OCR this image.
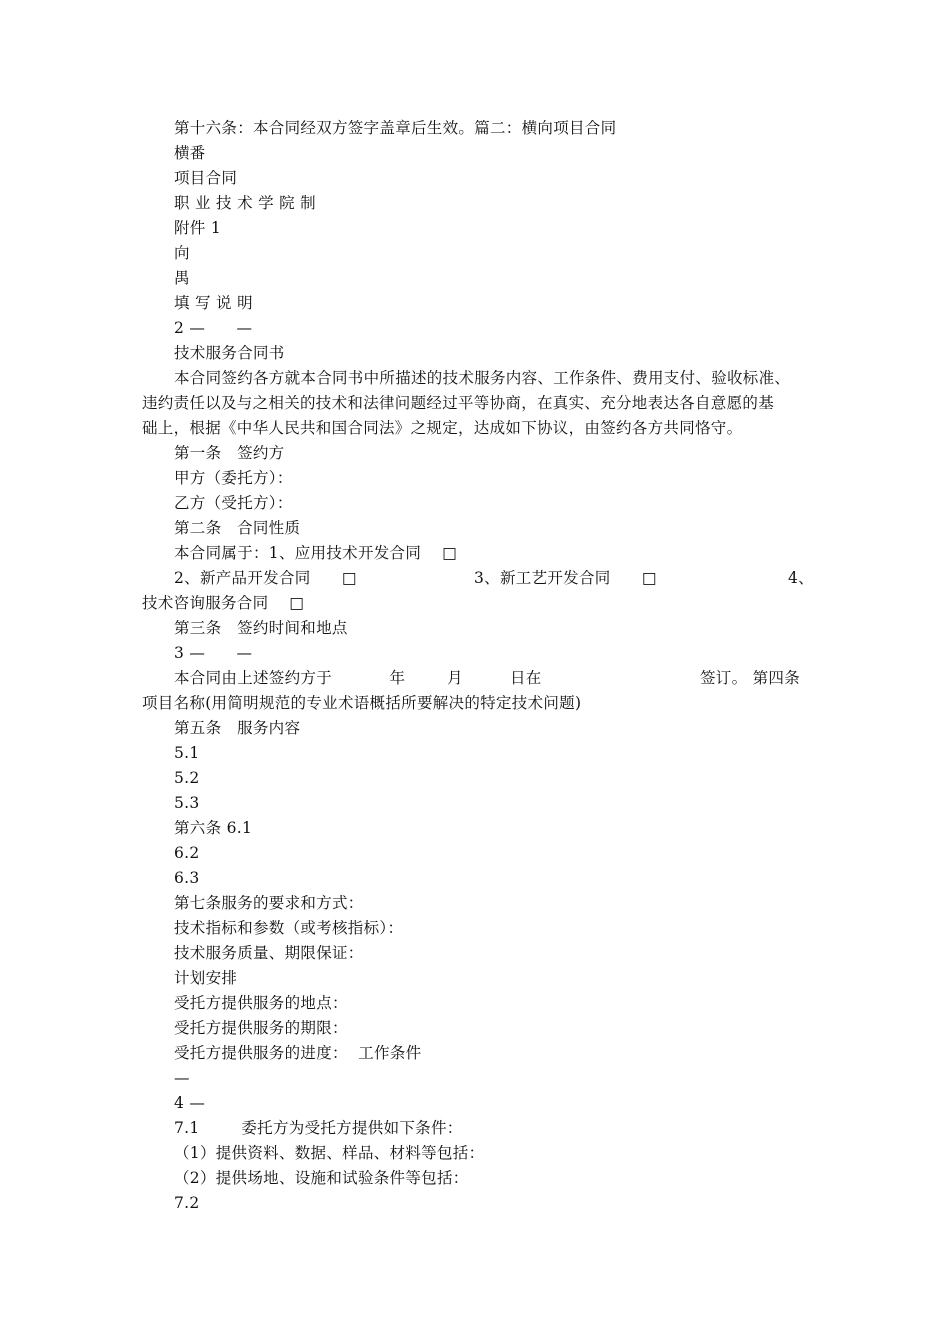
第十六条：本合同经双方签字盖章后生效。篇二：横向项目合同
横番
项目合同
职 业 技 术 学 院 制
附件 1
向
禺
填 写 说 明
2 —      —
技术服务合同书
本合同签约各方就本合同书中所描述的技术服务内容、工作条件、费用支付、验收标准、
违约责任以及与之相关的技术和法律问题经过平等协商，在真实、充分地表达各自意愿的基
础上，根据《中华人民共和国合同法》之规定，达成如下协议，由签约各方共同恪守。
第一条   签约方
甲方（委托方）：
乙方（受托方）：
第二条   合同性质
本合同属于：1、应用技术开发合同    □
2、新产品开发合同      □	3、新工艺开发合同      □	4、
技术咨询服务合同    □
第三条   签约时间和地点
3 —      —
本合同由上述签约方于           年        月         日在	签订。 第四条
项目名称(用简明规范的专业术语概括所要解决的特定技术问题)
第五条   服务内容
5.1
5.2
5.3
第六条 6.1
6.2
6.3
第七条服务的要求和方式：
技术指标和参数（或考核指标）：
技术服务质量、期限保证：
计划安排
受托方提供服务的地点：
受托方提供服务的期限：
受托方提供服务的进度：  工作条件
—
4 —
7.1        委托方为受托方提供如下条件：
（1）提供资料、数据、样品、材料等包括：
（2）提供场地、设施和试验条件等包括：
7.2
